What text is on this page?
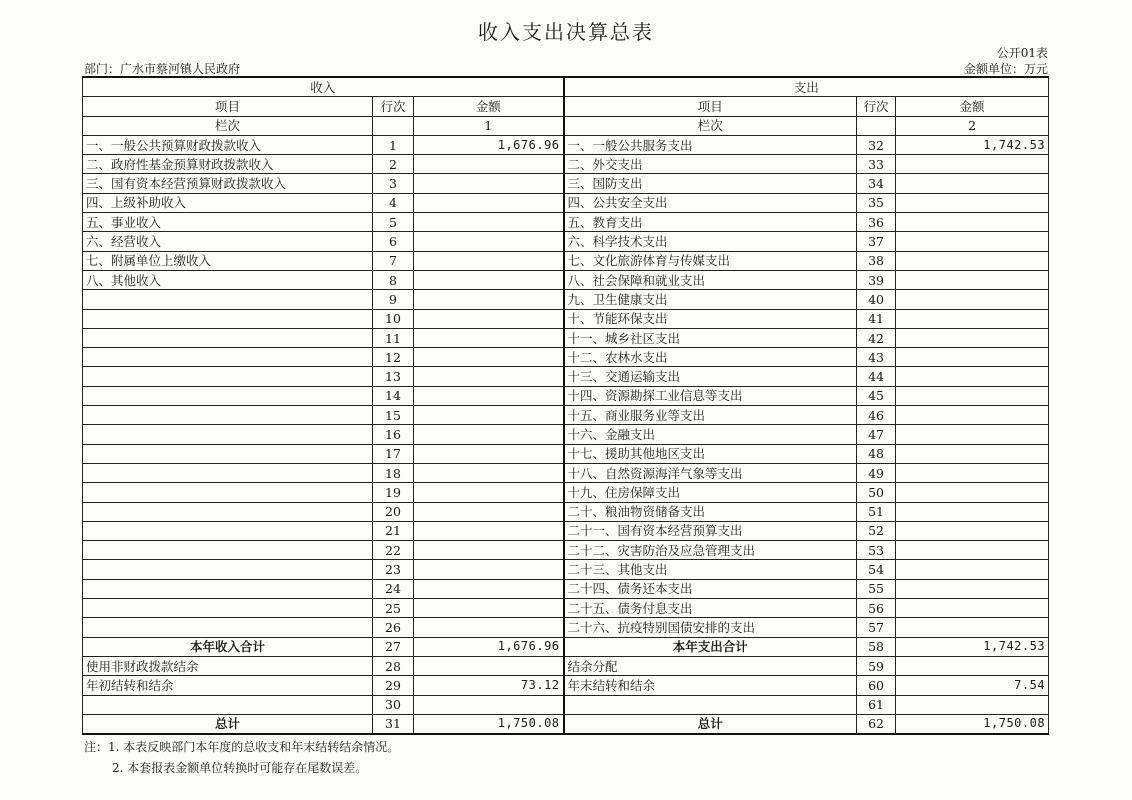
收入支出决算总表
公开01表
部门：广水市蔡河镇人民政府	金额单位：万元
收入			支出		
项目	行次	金额	项目	行次	金额
栏次		1	栏次		2
一、一般公共预算财政拨款收入	1	1,676.96	一、一般公共服务支出	32	1,742.53
二、政府性基金预算财政拨款收入	2		二、外交支出	33	
三、国有资本经营预算财政拨款收入	3		三、国防支出	34	
四、上级补助收入	4		四、公共安全支出	35	
五、事业收入	5		五、教育支出	36	
六、经营收入	6		六、科学技术支出	37	
七、附属单位上缴收入	7		七、文化旅游体育与传媒支出	38	
八、其他收入	8		八、社会保障和就业支出	39	
	9		九、卫生健康支出	40	
	10		十、节能环保支出	41	
	11		十一、城乡社区支出	42	
	12		十二、农林水支出	43	
	13		十三、交通运输支出	44	
	14		十四、资源勘探工业信息等支出	45	
	15		十五、商业服务业等支出	46	
	16		十六、金融支出	47	
	17		十七、援助其他地区支出	48	
	18		十八、自然资源海洋气象等支出	49	
	19		十九、住房保障支出	50	
	20		二十、粮油物资储备支出	51	
	21		二十一、国有资本经营预算支出	52	
	22		二十二、灾害防治及应急管理支出	53	
	23		二十三、其他支出	54	
	24		二十四、债务还本支出	55	
	25		二十五、债务付息支出	56	
	26		二十六、抗疫特别国债安排的支出	57	
本年收入合计	27	1,676.96	本年支出合计	58	1,742.53
使用非财政拨款结余	28		结余分配	59	
年初结转和结余	29	73.12	年末结转和结余	60	7.54
	30			61	
总计	31	1,750.08	总计	62	1,750.08
注：1. 本表反映部门本年度的总收支和年末结转结余情况。
2. 本套报表金额单位转换时可能存在尾数误差。
